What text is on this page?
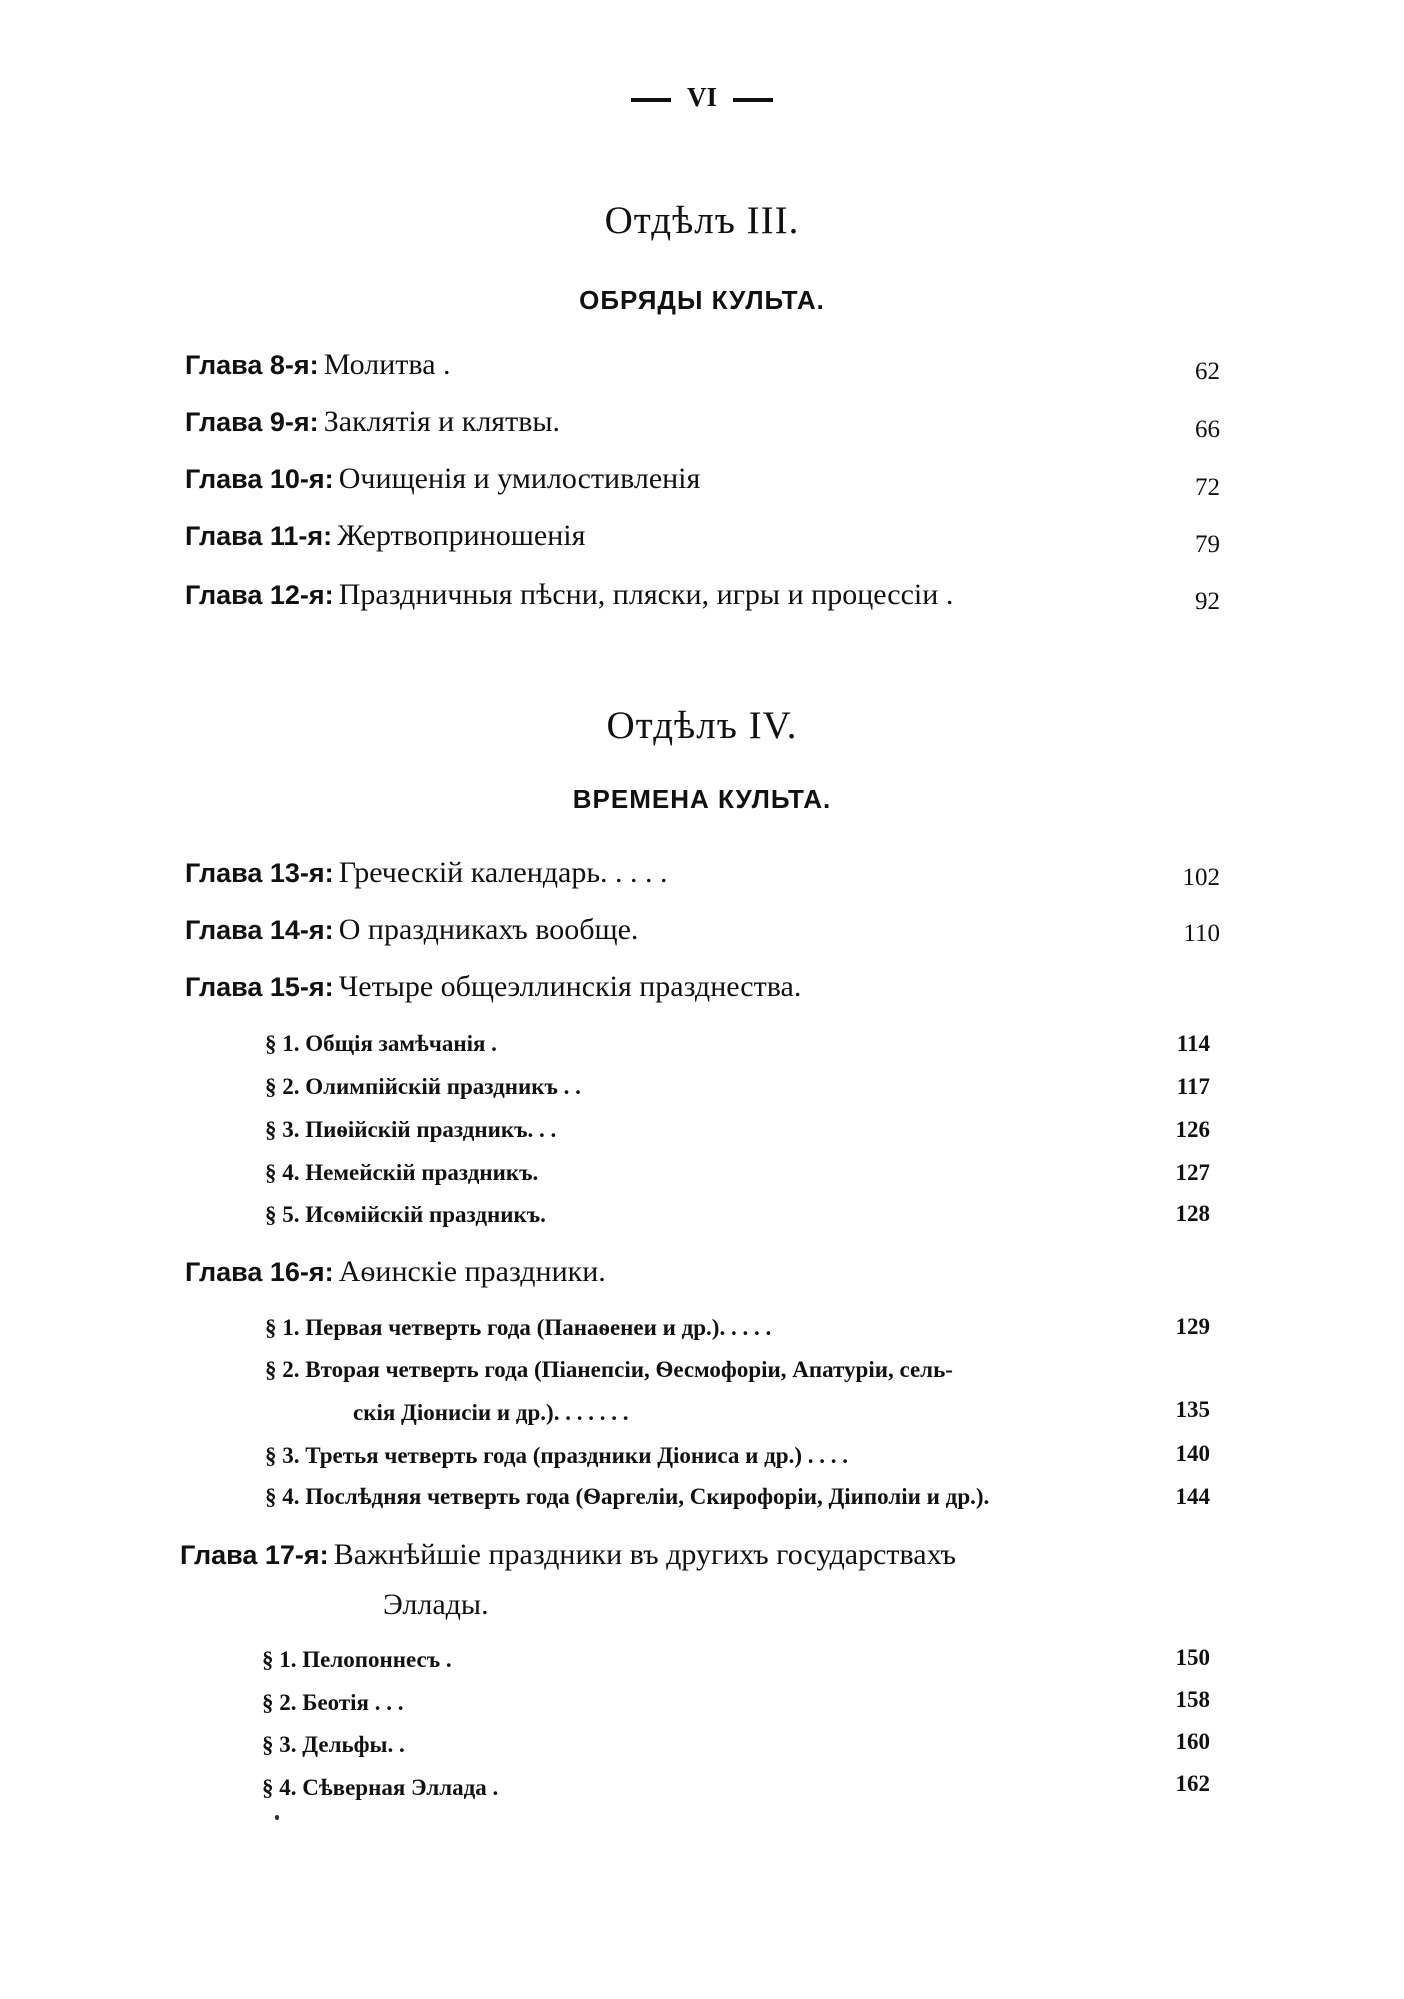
VI
Отдѣлъ III.
ОБРЯДЫ КУЛЬТА.
Глава 8-я: Молитва .	62
Глава 9-я: Заклятія и клятвы.	66
Глава 10-я: Очищенія и умилостивленія	72
Глава 11-я: Жертвоприношенія	79
Глава 12-я: Праздничныя пѣсни, пляски, игры и процессіи .	92
Отдѣлъ IV.
ВРЕМЕНА КУЛЬТА.
Глава 13-я: Греческій календарь. . . . .	102
Глава 14-я: О праздникахъ вообще.	110
Глава 15-я: Четыре общеэллинскія празднества.
§ 1. Общія замѣчанія .	114
§ 2. Олимпійскій праздникъ . .	117
§ 3. Пиѳійскій праздникъ. . .	126
§ 4. Немейскій праздникъ.	127
§ 5. Исѳмійскій праздникъ.	128
Глава 16-я: Аѳинскіе праздники.
§ 1. Первая четверть года (Панаѳенеи и др.). . . . .	129
§ 2. Вторая четверть года (Піанепсіи, Ѳесмофоріи, Апатуріи, сель-
скія Діонисіи и др.). . . . . . .	135
§ 3. Третья четверть года (праздники Діониса и др.) . . . .	140
§ 4. Послѣдняя четверть года (Ѳаргеліи, Скирофоріи, Діиполіи и др.).	144
Глава 17-я: Важнѣйшіе праздники въ другихъ государствахъ
Эллады.
§ 1. Пелопоннесъ .	150
§ 2. Беотія . . .	158
§ 3. Дельфы. .	160
§ 4. Сѣверная Эллада .	162
